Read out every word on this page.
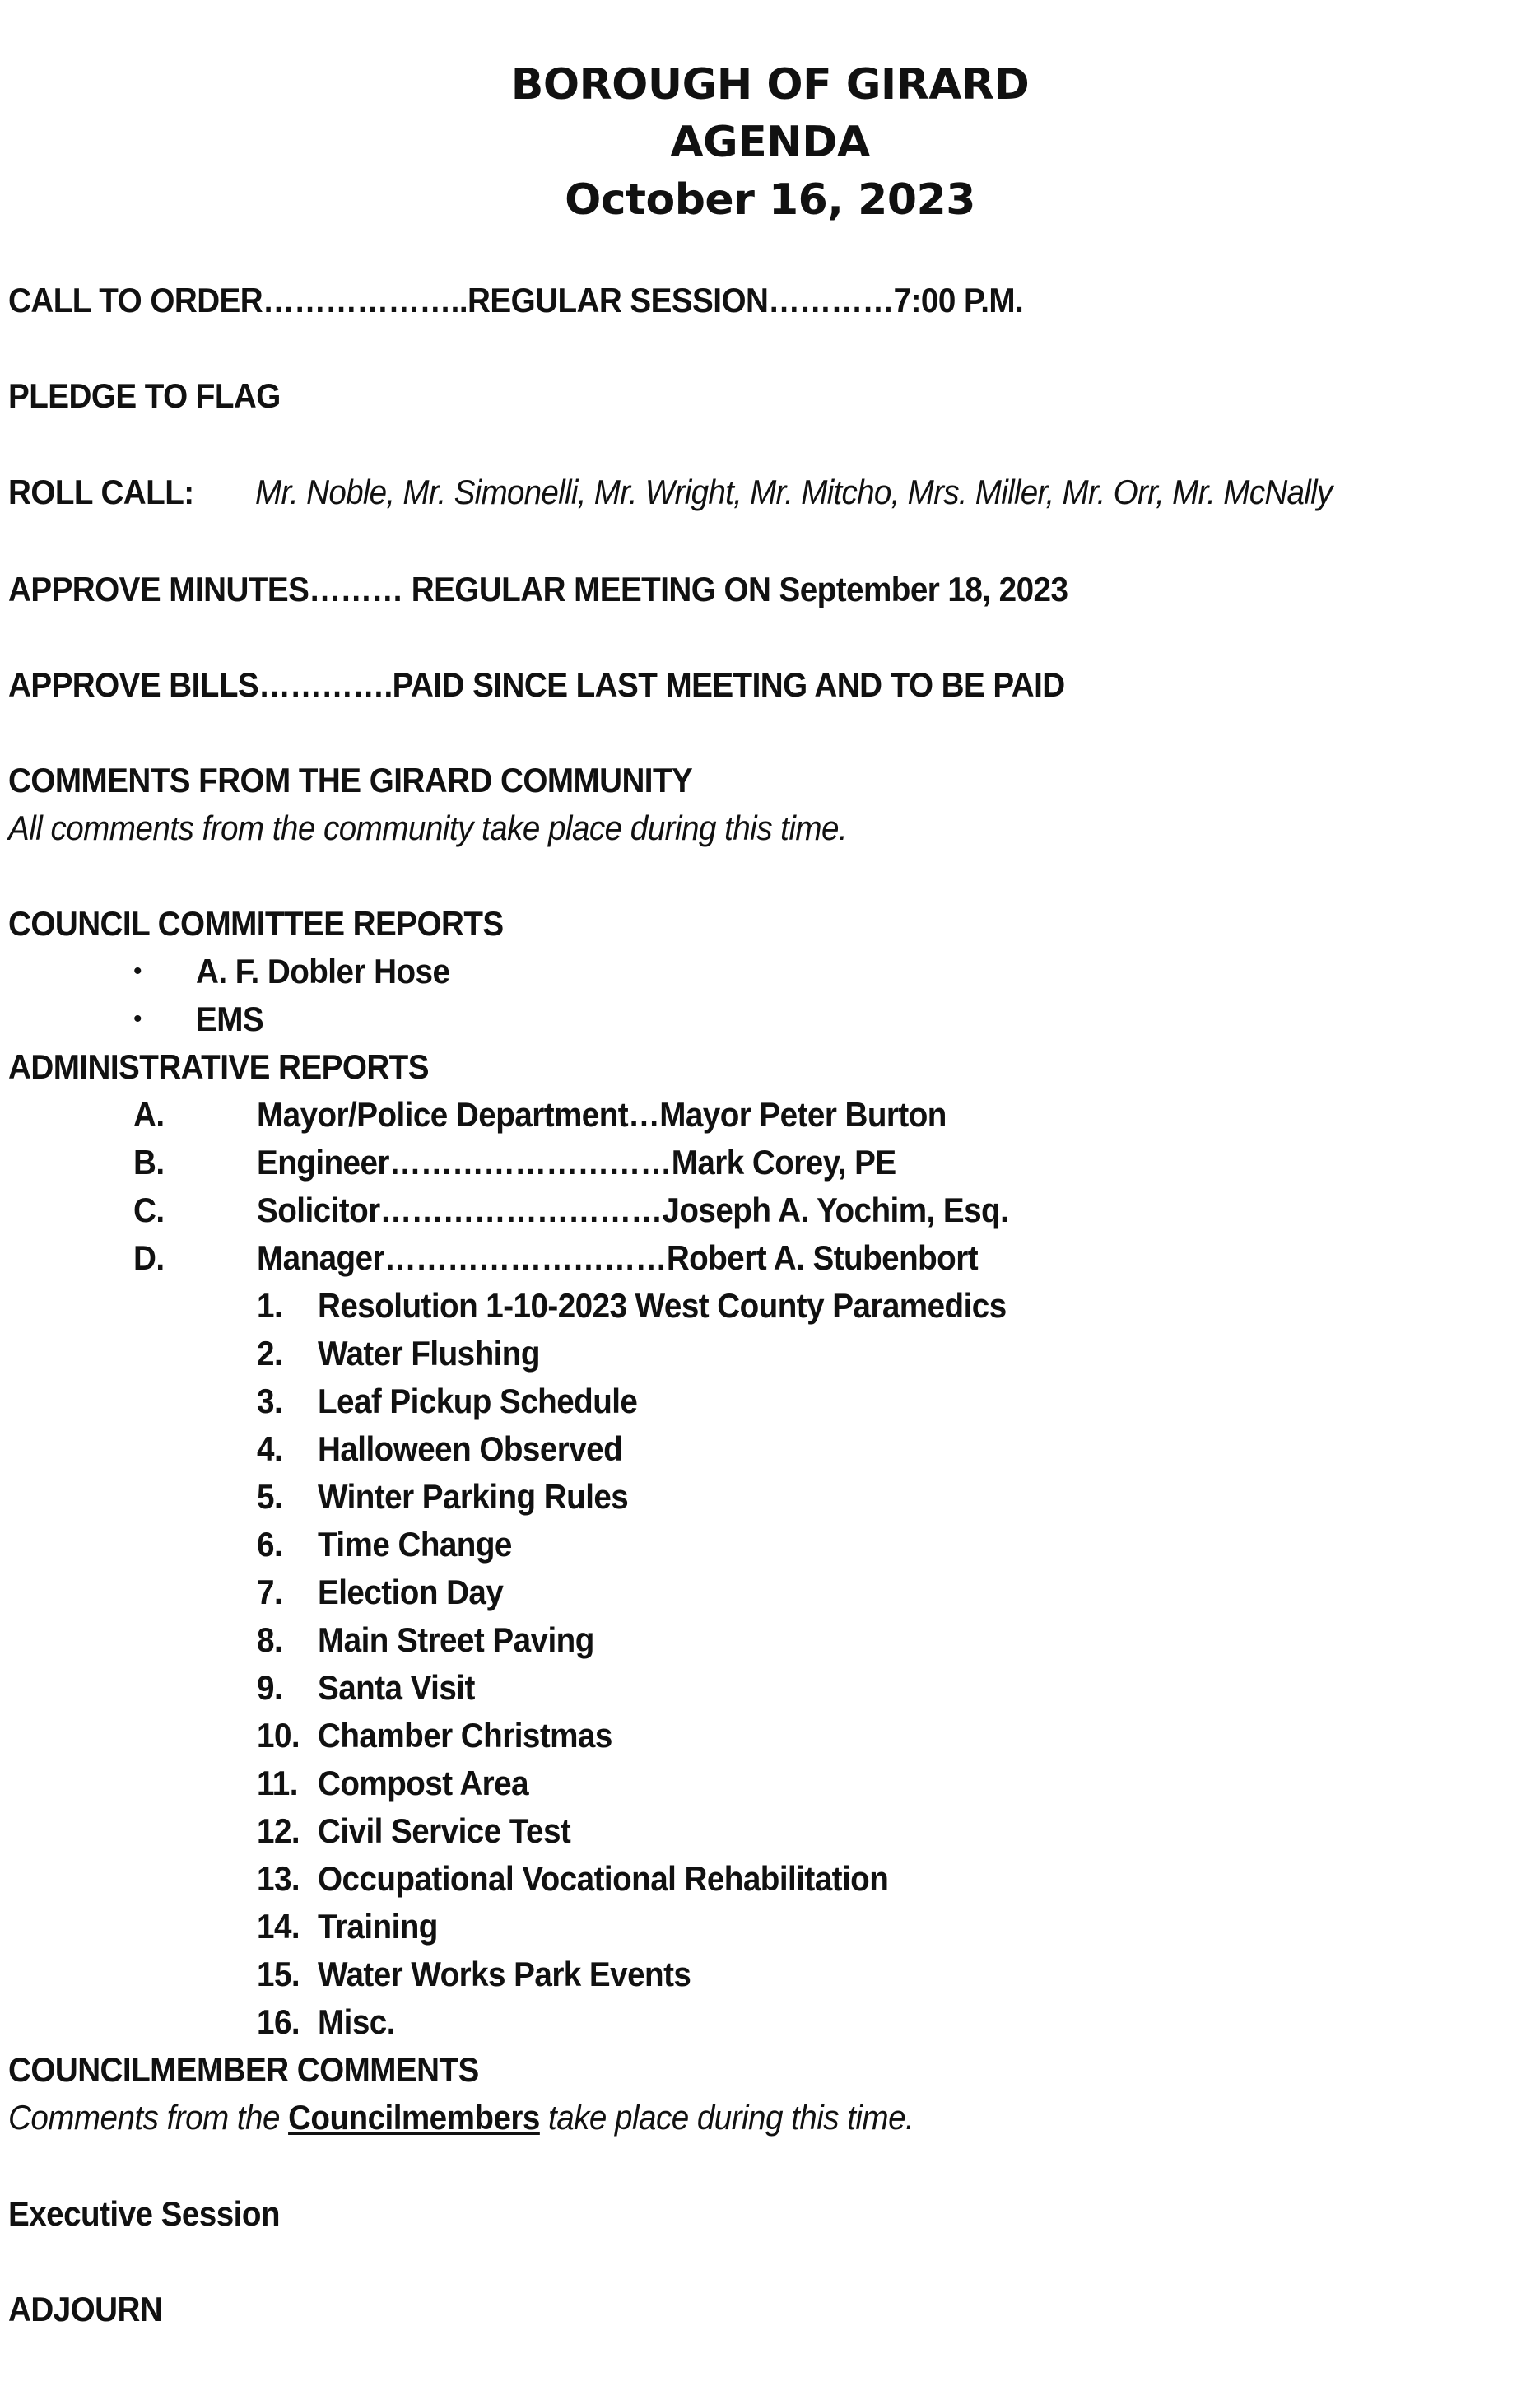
BOROUGH OF GIRARD
AGENDA
October 16, 2023
CALL TO ORDER………………..REGULAR SESSION…………7:00 P.M.
PLEDGE TO FLAG
ROLL CALL: Mr. Noble, Mr. Simonelli, Mr. Wright, Mr. Mitcho, Mrs. Miller, Mr. Orr, Mr. McNally
APPROVE MINUTES……… REGULAR MEETING ON September 18, 2023
APPROVE BILLS………….PAID SINCE LAST MEETING AND TO BE PAID
COMMENTS FROM THE GIRARD COMMUNITY
All comments from the community take place during this time.
COUNCIL COMMITTEE REPORTS
• A. F. Dobler Hose
• EMS
ADMINISTRATIVE REPORTS
A.	Mayor/Police Department…Mayor Peter Burton
B.	Engineer………………………Mark Corey, PE
C.	Solicitor………………………Joseph A. Yochim, Esq.
D.	Manager………………………Robert A. Stubenbort
1. Resolution 1-10-2023 West County Paramedics
2. Water Flushing
3. Leaf Pickup Schedule
4. Halloween Observed
5. Winter Parking Rules
6. Time Change
7. Election Day
8. Main Street Paving
9. Santa Visit
10. Chamber Christmas
11. Compost Area
12. Civil Service Test
13. Occupational Vocational Rehabilitation
14. Training
15. Water Works Park Events
16. Misc.
COUNCILMEMBER COMMENTS
Comments from the Councilmembers take place during this time.
Executive Session
ADJOURN
